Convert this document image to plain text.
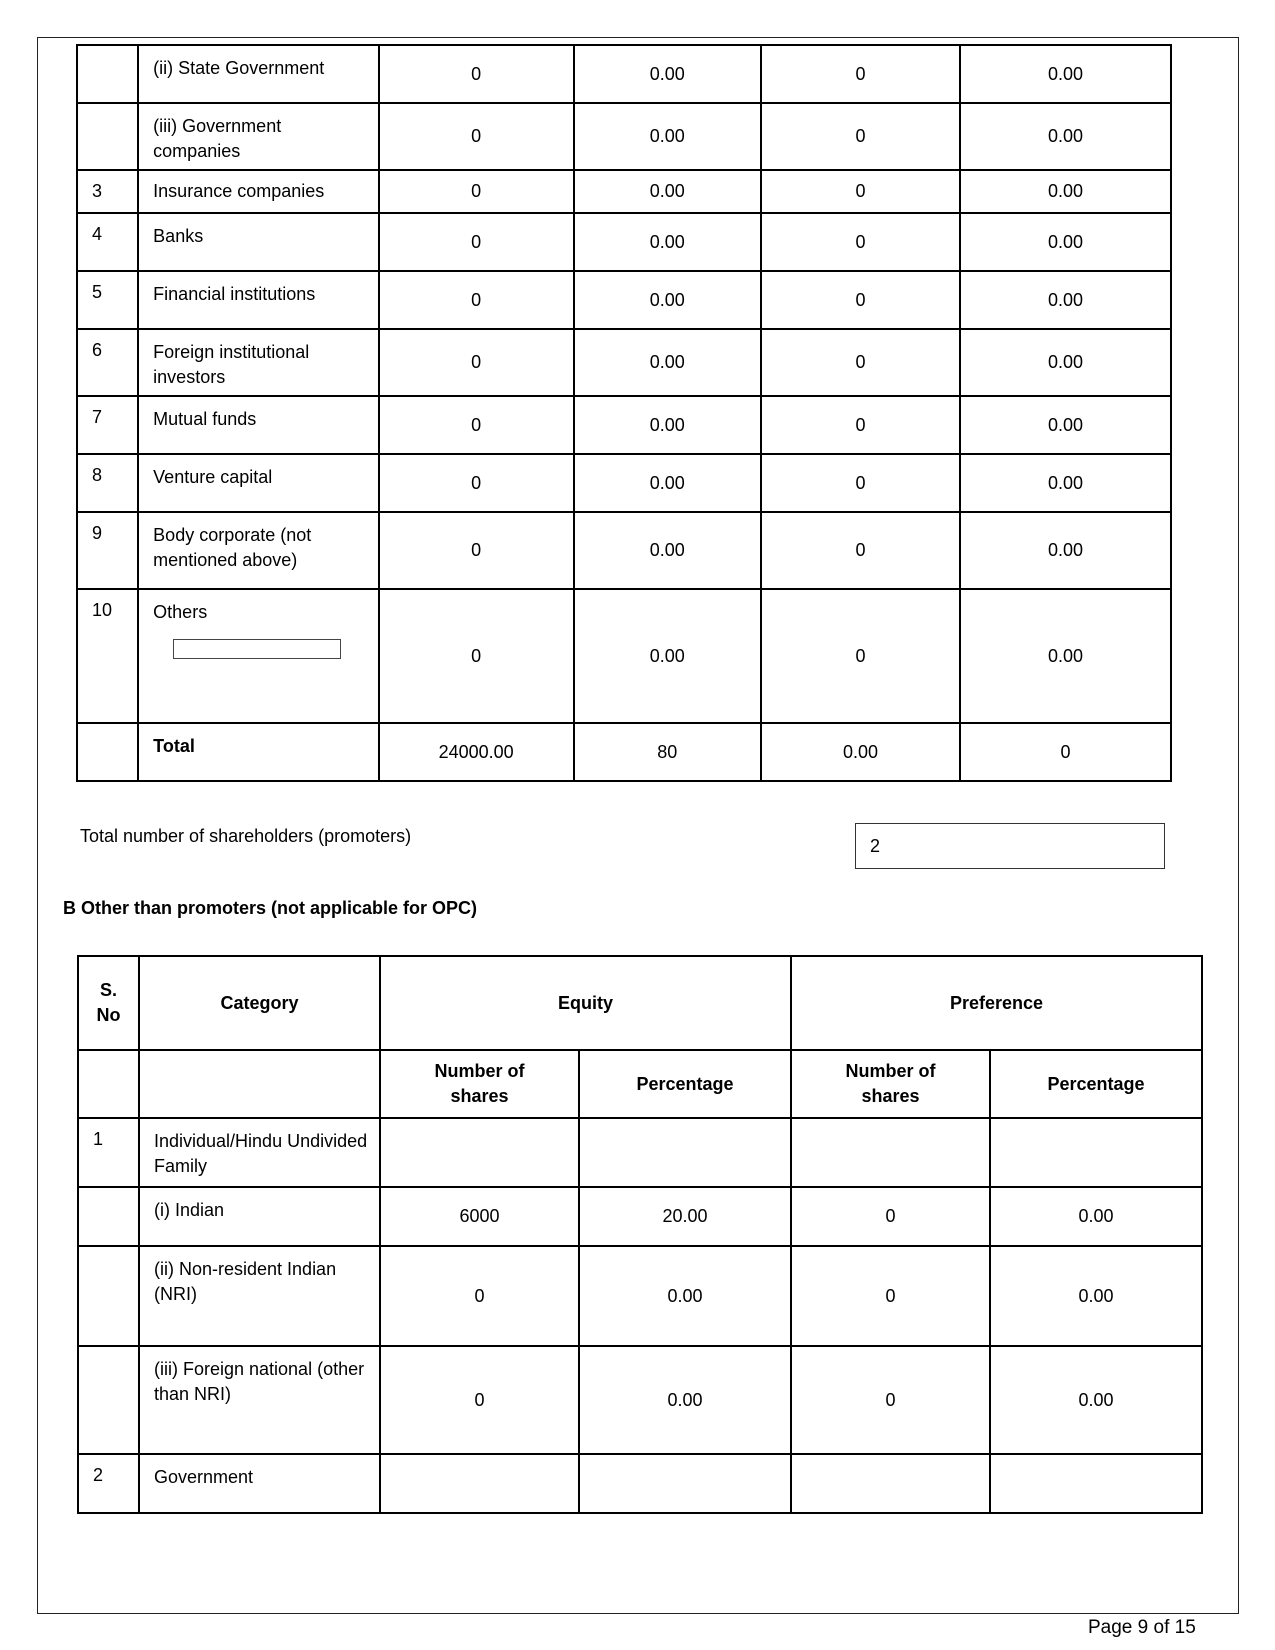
	(ii) State Government	0	0.00	0	0.00
	(iii) Government companies	0	0.00	0	0.00
3	Insurance companies	0	0.00	0	0.00
4	Banks	0	0.00	0	0.00
5	Financial institutions	0	0.00	0	0.00
6	Foreign institutional investors	0	0.00	0	0.00
7	Mutual funds	0	0.00	0	0.00
8	Venture capital	0	0.00	0	0.00
9	Body corporate (not mentioned above)	0	0.00	0	0.00
10	Others	0	0.00	0	0.00
	Total	24000.00	80	0.00	0
Total number of shareholders (promoters)	2
B Other than promoters (not applicable for OPC)
S. No	Category	Equity		Preference	
		Number of shares	Percentage	Number of shares	Percentage
1	Individual/Hindu Undivided Family				
	(i) Indian	6000	20.00	0	0.00
	(ii) Non-resident Indian (NRI)	0	0.00	0	0.00
	(iii) Foreign national (other than NRI)	0	0.00	0	0.00
2	Government				
Page 9 of 15
